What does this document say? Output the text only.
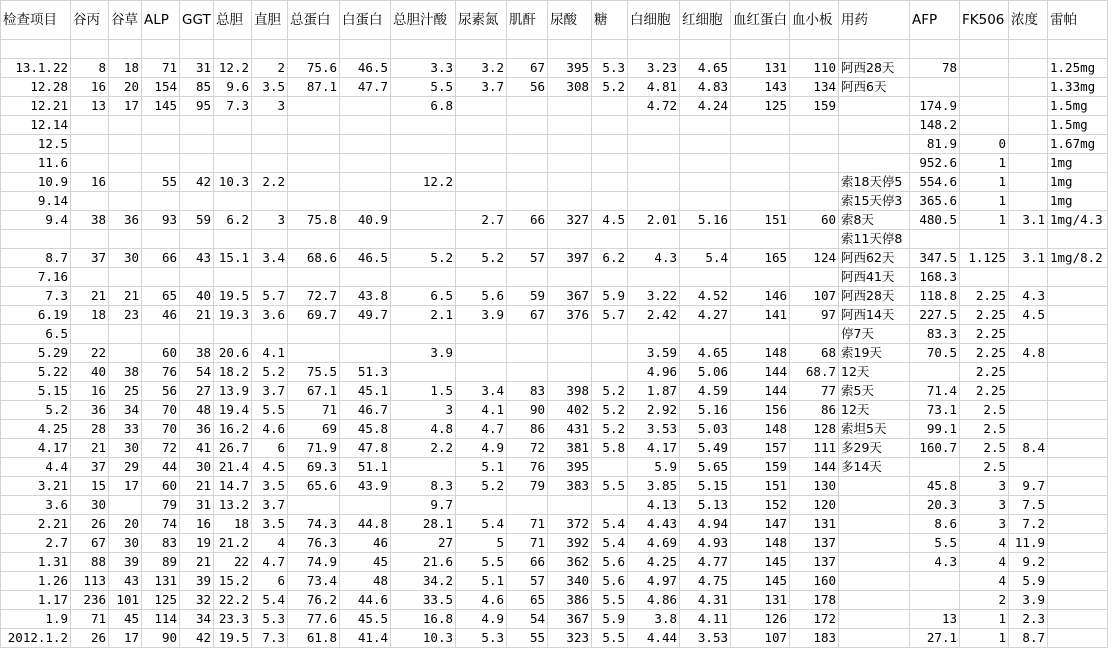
检查项目	谷丙	谷草	ALP	GGT	总胆	直胆	总蛋白	白蛋白	总胆汁酸	尿素氮	肌酐	尿酸	糖	白细胞	红细胞	血红蛋白	血小板	用药	AFP	FK506	浓度	雷帕

13.1.22	8	18	71	31	12.2	2	75.6	46.5	3.3	3.2	67	395	5.3	3.23	4.65	131	110	阿西28天	78			1.25mg
12.28	16	20	154	85	9.6	3.5	87.1	47.7	5.5	3.7	56	308	5.2	4.81	4.83	143	134	阿西6天				1.33mg
12.21	13	17	145	95	7.3	3			6.8					4.72	4.24	125	159		174.9			1.5mg
12.14																			148.2			1.5mg
12.5																			81.9	0		1.67mg
11.6																			952.6	1		1mg
10.9	16		55	42	10.3	2.2			12.2									索18天停5	554.6	1		1mg
9.14																		索15天停3	365.6	1		1mg
9.4	38	36	93	59	6.2	3	75.8	40.9		2.7	66	327	4.5	2.01	5.16	151	60	索8天	480.5	1	3.1	1mg/4.3
																		索11天停8				
8.7	37	30	66	43	15.1	3.4	68.6	46.5	5.2	5.2	57	397	6.2	4.3	5.4	165	124	阿西62天	347.5	1.125	3.1	1mg/8.2
7.16																		阿西41天	168.3			
7.3	21	21	65	40	19.5	5.7	72.7	43.8	6.5	5.6	59	367	5.9	3.22	4.52	146	107	阿西28天	118.8	2.25	4.3	
6.19	18	23	46	21	19.3	3.6	69.7	49.7	2.1	3.9	67	376	5.7	2.42	4.27	141	97	阿西14天	227.5	2.25	4.5	
6.5																		停7天	83.3	2.25		
5.29	22		60	38	20.6	4.1			3.9					3.59	4.65	148	68	索19天	70.5	2.25	4.8	
5.22	40	38	76	54	18.2	5.2	75.5	51.3						4.96	5.06	144	68.7	12天		2.25		
5.15	16	25	56	27	13.9	3.7	67.1	45.1	1.5	3.4	83	398	5.2	1.87	4.59	144	77	索5天	71.4	2.25		
5.2	36	34	70	48	19.4	5.5	71	46.7	3	4.1	90	402	5.2	2.92	5.16	156	86	12天	73.1	2.5		
4.25	28	33	70	36	16.2	4.6	69	45.8	4.8	4.7	86	431	5.2	3.53	5.03	148	128	索坦5天	99.1	2.5		
4.17	21	30	72	41	26.7	6	71.9	47.8	2.2	4.9	72	381	5.8	4.17	5.49	157	111	多29天	160.7	2.5	8.4	
4.4	37	29	44	30	21.4	4.5	69.3	51.1		5.1	76	395		5.9	5.65	159	144	多14天		2.5		
3.21	15	17	60	21	14.7	3.5	65.6	43.9	8.3	5.2	79	383	5.5	3.85	5.15	151	130		45.8	3	9.7	
3.6	30		79	31	13.2	3.7			9.7					4.13	5.13	152	120		20.3	3	7.5	
2.21	26	20	74	16	18	3.5	74.3	44.8	28.1	5.4	71	372	5.4	4.43	4.94	147	131		8.6	3	7.2	
2.7	67	30	83	19	21.2	4	76.3	46	27	5	71	392	5.4	4.69	4.93	148	137		5.5	4	11.9	
1.31	88	39	89	21	22	4.7	74.9	45	21.6	5.5	66	362	5.6	4.25	4.77	145	137		4.3	4	9.2	
1.26	113	43	131	39	15.2	6	73.4	48	34.2	5.1	57	340	5.6	4.97	4.75	145	160			4	5.9	
1.17	236	101	125	32	22.2	5.4	76.2	44.6	33.5	4.6	65	386	5.5	4.86	4.31	131	178			2	3.9	
1.9	71	45	114	34	23.3	5.3	77.6	45.5	16.8	4.9	54	367	5.9	3.8	4.11	126	172		13	1	2.3	
2012.1.2	26	17	90	42	19.5	7.3	61.8	41.4	10.3	5.3	55	323	5.5	4.44	3.53	107	183		27.1	1	8.7	
